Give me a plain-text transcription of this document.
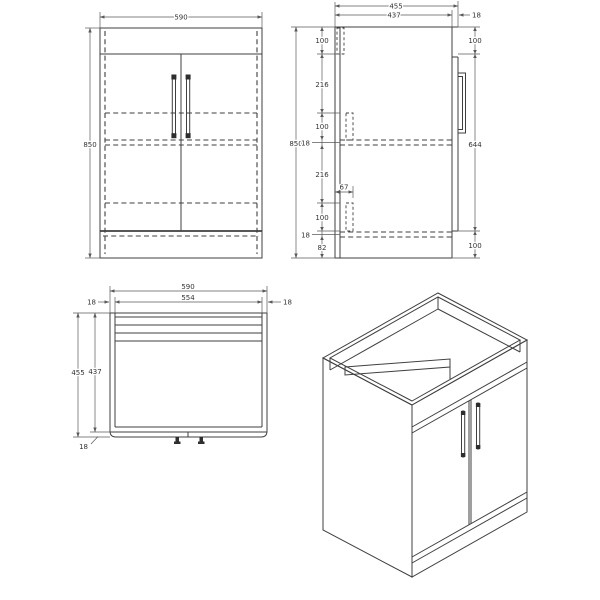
590
850
455
437	18
850
100
216
100
18
216
100
18
82
67
100
644
100
590
554
18	18
455 437
18
